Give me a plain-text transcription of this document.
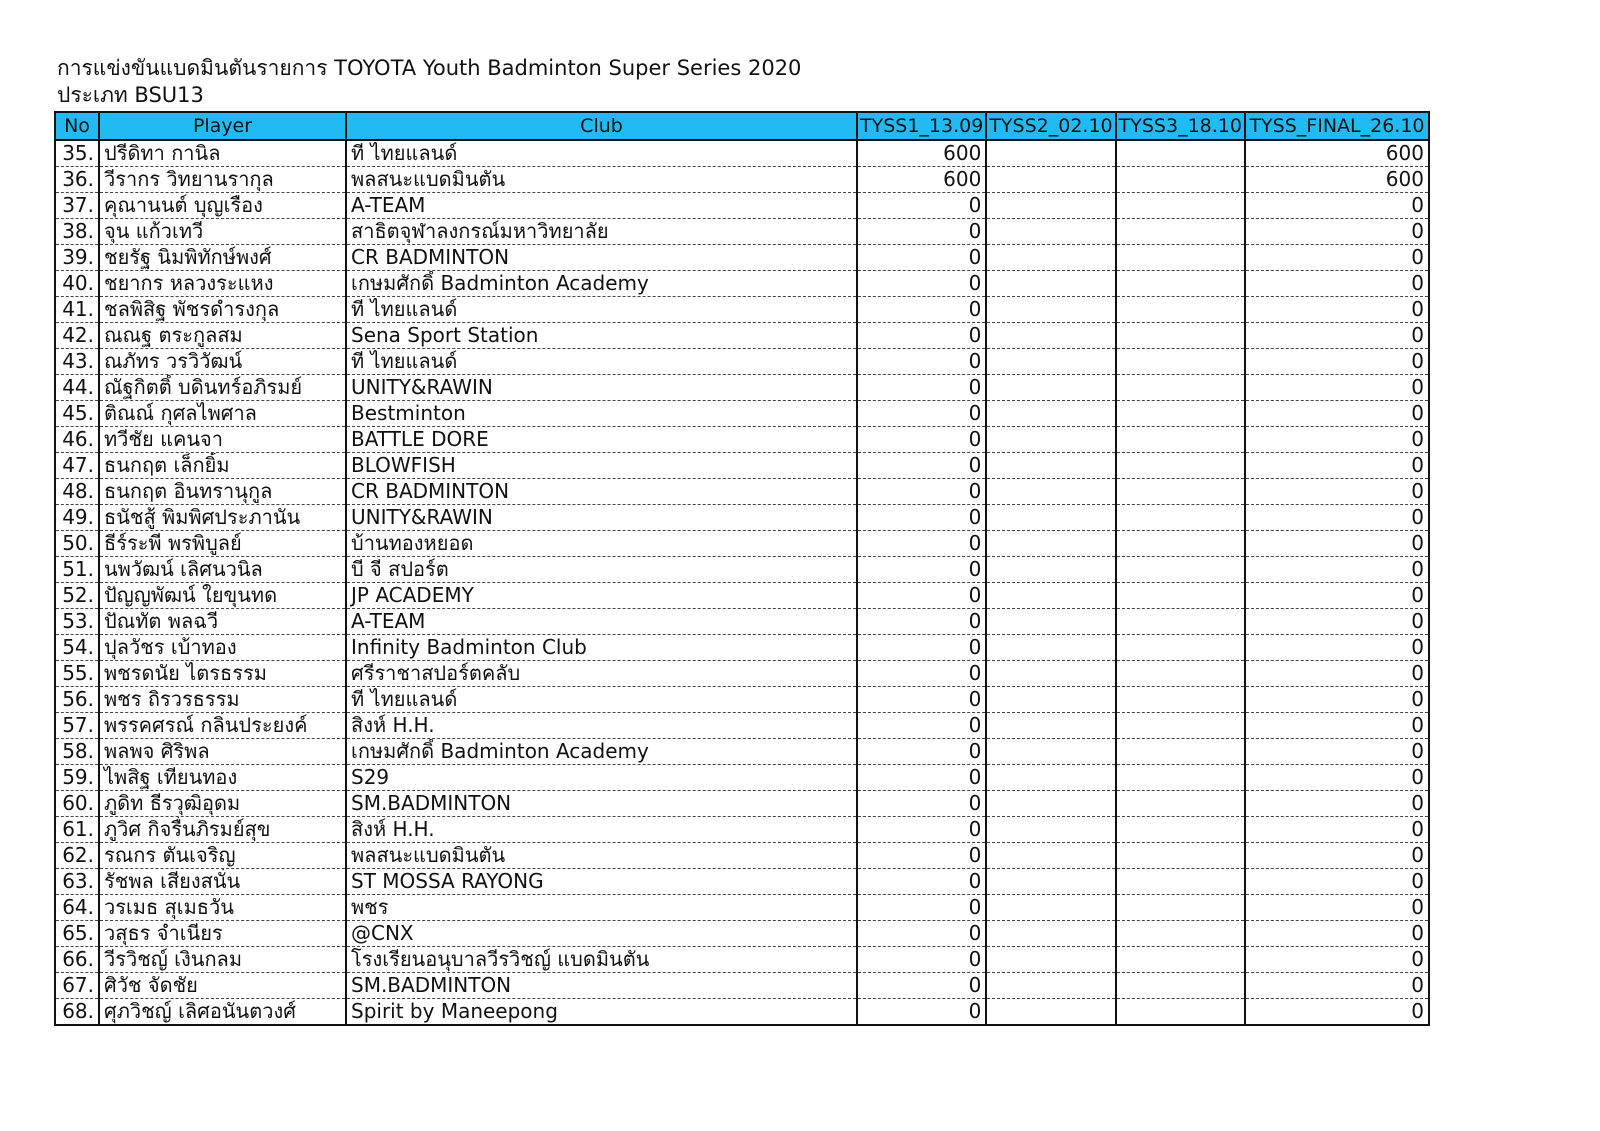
การแข่งขันแบดมินตันรายการ TOYOTA Youth Badminton Super Series 2020
ประเภท BSU13
No	Player	Club	TYSS1_13.09	TYSS2_02.10	TYSS3_18.10	TYSS_FINAL_26.10
35.	ปรีดิทา กานิล	ที ไทยแลนด์	600			600
36.	วีรากร วิทยานรากุล	พลสนะแบดมินตัน	600			600
37.	คุณานนต์ บุญเรือง	A-TEAM	0			0
38.	จุน แก้วเทวี	สาธิตจุฬาลงกรณ์มหาวิทยาลัย	0			0
39.	ชยรัฐ นิมพิทักษ์พงศ์	CR BADMINTON	0			0
40.	ชยากร หลวงระแหง	เกษมศักดิ์ Badminton Academy	0			0
41.	ชลพิสิฐ พัชรดำรงกุล	ที ไทยแลนด์	0			0
42.	ณณฐ ตระกูลสม	Sena Sport Station	0			0
43.	ณภัทร วรวิวัฒน์	ที ไทยแลนด์	0			0
44.	ณัฐกิตติ์ บดินทร์อภิรมย์	UNITY&RAWIN	0			0
45.	ติณณ์ กุศลไพศาล	Bestminton	0			0
46.	ทวีชัย แคนจา	BATTLE DORE	0			0
47.	ธนกฤต เล็กยิ้ม	BLOWFISH	0			0
48.	ธนกฤต อินทรานุกูล	CR BADMINTON	0			0
49.	ธนัชสู้ พิมพิศประภานัน	UNITY&RAWIN	0			0
50.	ธีร์ระพี พรพิบูลย์	บ้านทองหยอด	0			0
51.	นพวัฒน์ เลิศนวนิล	บี จี สปอร์ต	0			0
52.	ปัญญพัฒน์ ใยขุนทด	JP ACADEMY	0			0
53.	ปัณทัต พลฉวี	A-TEAM	0			0
54.	ปุลวัชร เบ้าทอง	Infinity Badminton Club	0			0
55.	พชรดนัย ไตรธรรม	ศรีราชาสปอร์ตคลับ	0			0
56.	พชร ถิรวรธรรม	ที ไทยแลนด์	0			0
57.	พรรคศรณ์ กลิ่นประยงค์	สิงห์ H.H.	0			0
58.	พลพจ ศิริพล	เกษมศักดิ์ Badminton Academy	0			0
59.	ไพสิฐ เทียนทอง	S29	0			0
60.	ภูดิท ธีรวุฒิอุดม	SM.BADMINTON	0			0
61.	ภูวิศ กิจรื่นภิรมย์สุข	สิงห์ H.H.	0			0
62.	รณกร ตันเจริญ	พลสนะแบดมินตัน	0			0
63.	รัชพล เสียงสนั่น	ST MOSSA RAYONG	0			0
64.	วรเมธ สุเมธวัน	พชร	0			0
65.	วสุธร จำเนียร	@CNX	0			0
66.	วีรวิชญ์ เงินกลม	โรงเรียนอนุบาลวีรวิชญ์ แบดมินตัน	0			0
67.	ศิวัช จัดชัย	SM.BADMINTON	0			0
68.	ศุภวิชญ์ เลิศอนันตวงศ์	Spirit by Maneepong	0			0
